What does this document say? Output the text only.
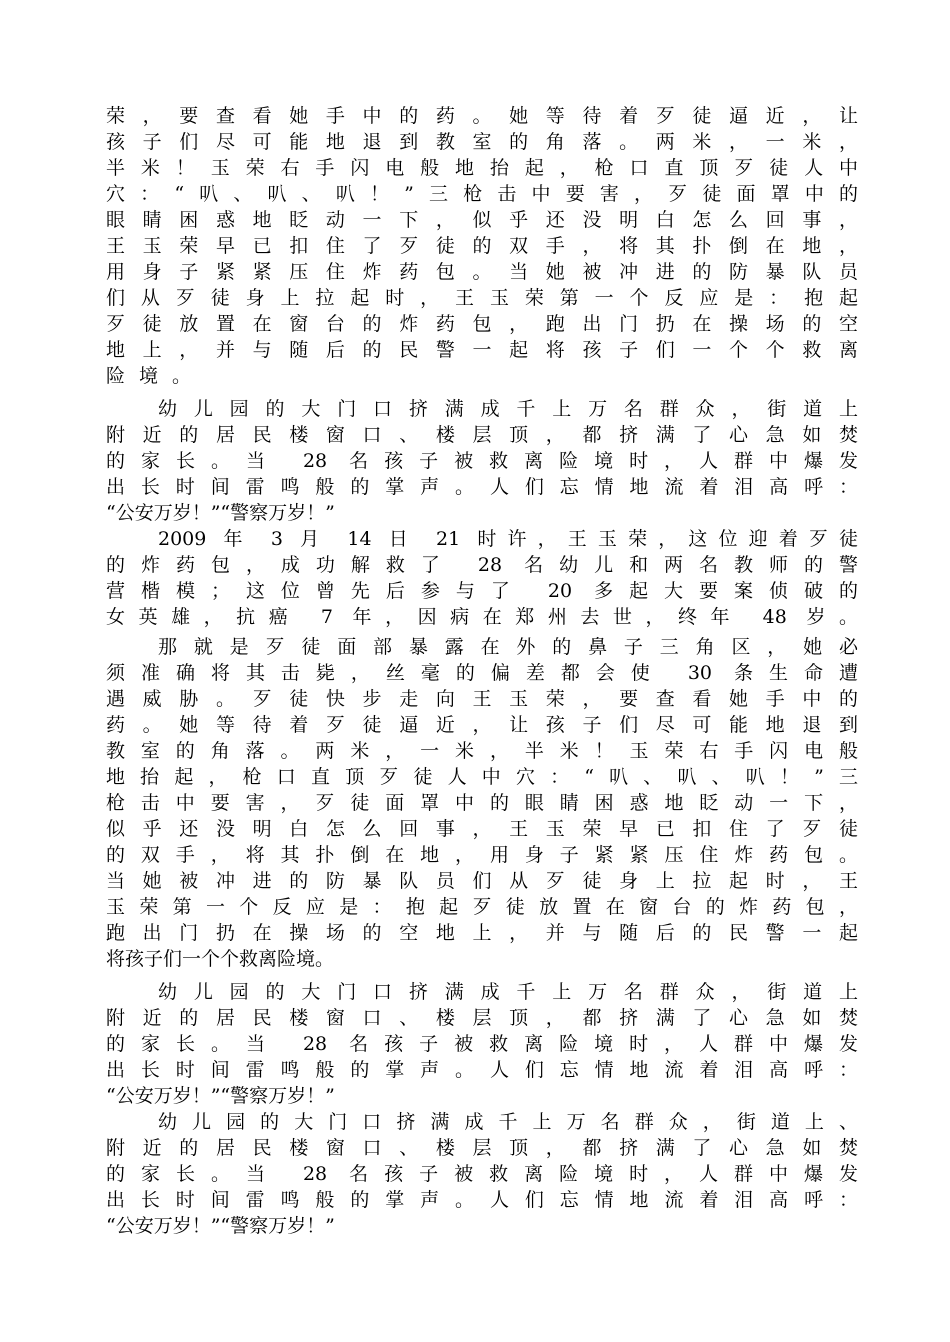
荣，要查看她手中的药。她等待着歹徒逼近，让
孩子们尽可能地退到教室的角落。两米，一米，
半米！玉荣右手闪电般地抬起，枪口直顶歹徒人中
穴：“叭、叭、叭！”三枪击中要害，歹徒面罩中的
眼睛困惑地眨动一下，似乎还没明白怎么回事，
王玉荣早已扣住了歹徒的双手，将其扑倒在地，
用身子紧紧压住炸药包。当她被冲进的防暴队员
们从歹徒身上拉起时，王玉荣第一个反应是：抱起
歹徒放置在窗台的炸药包，跑出门扔在操场的空
地上，并与随后的民警一起将孩子们一个个救离
险境。
幼儿园的大门口挤满成千上万名群众，街道上
附近的居民楼窗口、楼层顶，都挤满了心急如焚
的家长。当 28 名孩子被救离险境时，人群中爆发
出长时间雷鸣般的掌声。人们忘情地流着泪高呼：
“公安万岁！”“警察万岁！”
2009 年 3 月 14 日 21 时许，王玉荣，这位迎着歹徒
的炸药包，成功解救了 28 名幼儿和两名教师的警
营楷模；这位曾先后参与了 20 多起大要案侦破的
女英雄，抗癌 7 年，因病在郑州去世，终年 48 岁。
那就是歹徒面部暴露在外的鼻子三角区，她必
须准确将其击毙，丝毫的偏差都会使 30 条生命遭
遇威胁。歹徒快步走向王玉荣，要查看她手中的
药。她等待着歹徒逼近，让孩子们尽可能地退到
教室的角落。两米，一米，半米！玉荣右手闪电般
地抬起，枪口直顶歹徒人中穴：“叭、叭、叭！”三
枪击中要害，歹徒面罩中的眼睛困惑地眨动一下，
似乎还没明白怎么回事，王玉荣早已扣住了歹徒
的双手，将其扑倒在地，用身子紧紧压住炸药包。
当她被冲进的防暴队员们从歹徒身上拉起时，王
玉荣第一个反应是：抱起歹徒放置在窗台的炸药包，
跑出门扔在操场的空地上，并与随后的民警一起
将孩子们一个个救离险境。
幼儿园的大门口挤满成千上万名群众，街道上
附近的居民楼窗口、楼层顶，都挤满了心急如焚
的家长。当 28 名孩子被救离险境时，人群中爆发
出长时间雷鸣般的掌声。人们忘情地流着泪高呼：
“公安万岁！”“警察万岁！”
幼儿园的大门口挤满成千上万名群众，街道上、
附近的居民楼窗口、楼层顶，都挤满了心急如焚
的家长。当 28 名孩子被救离险境时，人群中爆发
出长时间雷鸣般的掌声。人们忘情地流着泪高呼：
“公安万岁！”“警察万岁！”
